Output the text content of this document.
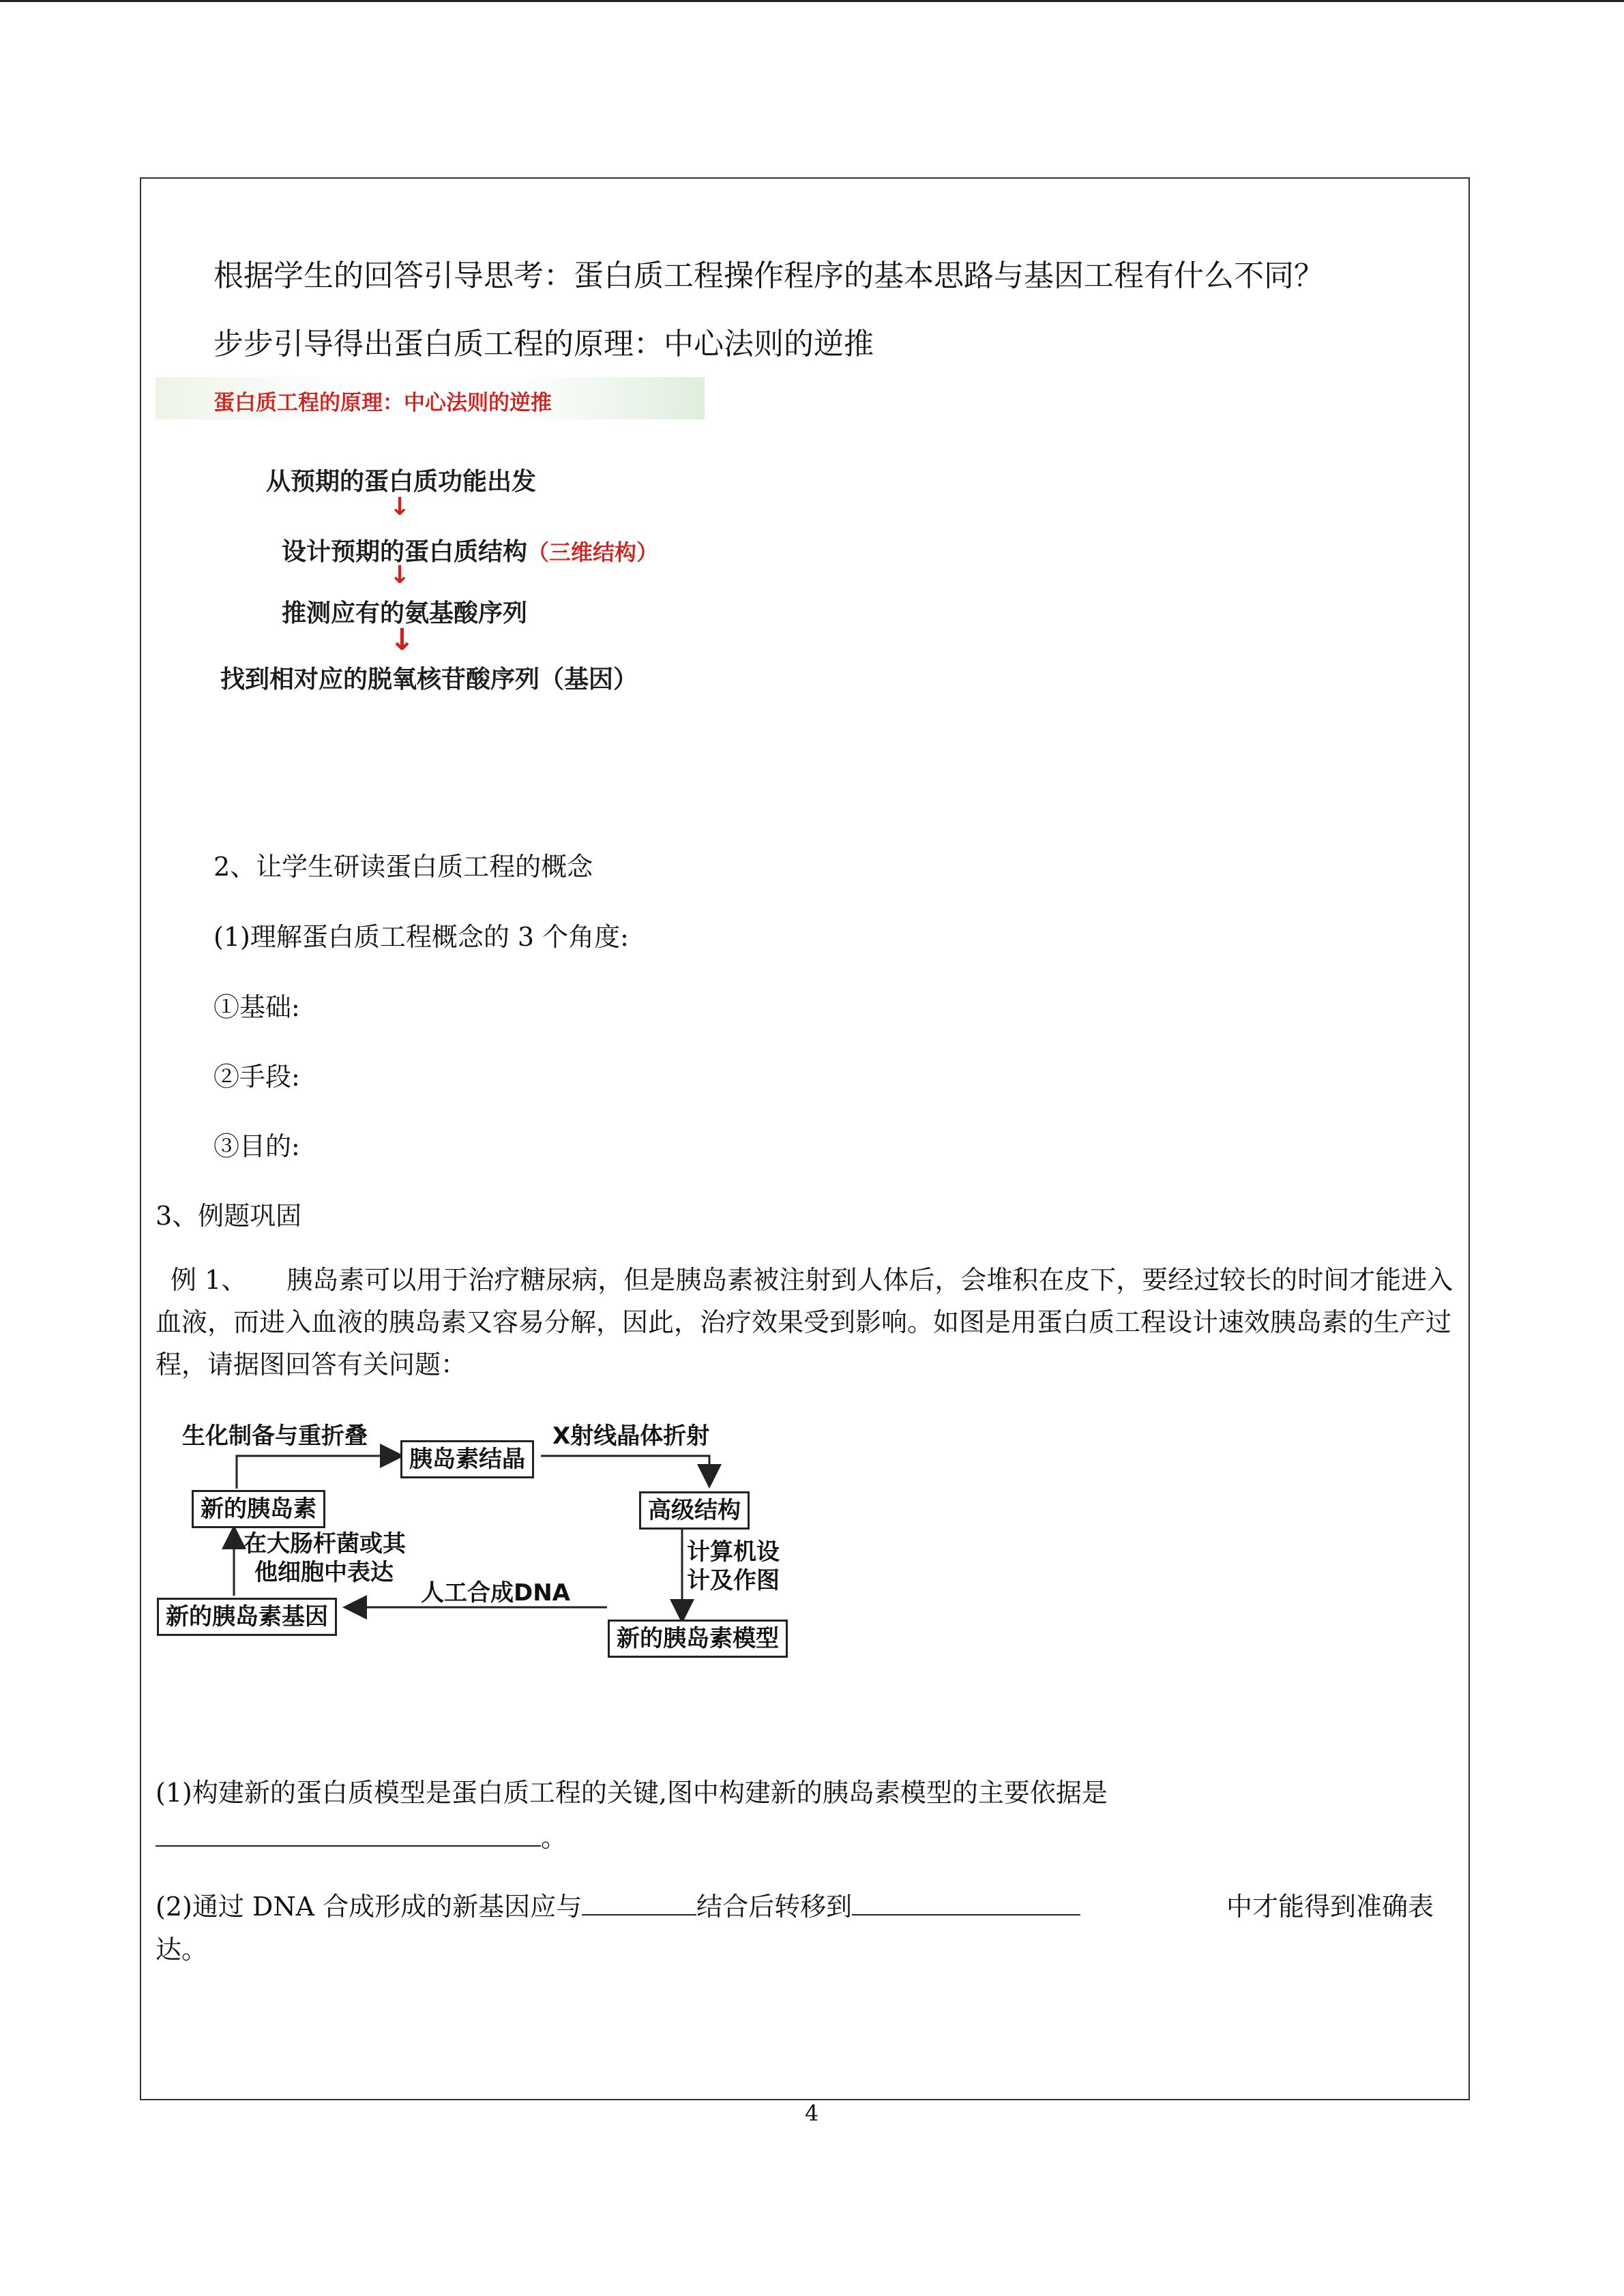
根据学生的回答引导思考：蛋白质工程操作程序的基本思路与基因工程有什么不同？
步步引导得出蛋白质工程的原理：中心法则的逆推
蛋白质工程的原理：中心法则的逆推
从预期的蛋白质功能出发
↓
设计预期的蛋白质结构（三维结构）
↓
推测应有的氨基酸序列
↓
找到相对应的脱氧核苷酸序列（基因）
2、让学生研读蛋白质工程的概念
(1)理解蛋白质工程概念的 3 个角度:
①基础:
②手段:
③目的:
3、例题巩固
例 1、 胰岛素可以用于治疗糖尿病，但是胰岛素被注射到人体后，会堆积在皮下，要经过较长的时间才能进入血液，而进入血液的胰岛素又容易分解，因此，治疗效果受到影响。如图是用蛋白质工程设计速效胰岛素的生产过程，请据图回答有关问题：
胰岛素结晶
新的胰岛素	高级结构
新的胰岛素基因
新的胰岛素模型
生化制备与重折叠	X射线晶体折射
在大肠杆菌或其
他细胞中表达
计算机设
计及作图
人工合成DNA
(1)构建新的蛋白质模型是蛋白质工程的关键,图中构建新的胰岛素模型的主要依据是
。
(2)通过 DNA 合成形成的新基因应与	结合后转移到	中才能得到准确表
达。
4
